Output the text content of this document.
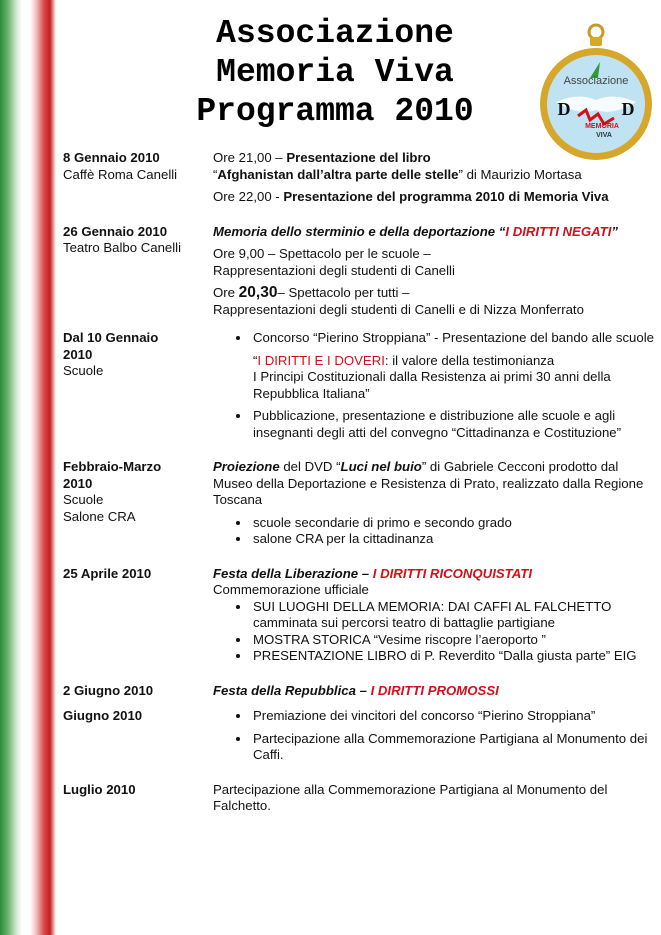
Associazione
Memoria Viva
Programma 2010
Associazione
D	D
MEMORIA
VIVA
8 Gennaio 2010
Caffè Roma Canelli
Ore 21,00 – Presentazione del libro
“Afghanistan dall’altra parte delle stelle” di Maurizio Mortasa
Ore 22,00 - Presentazione del programma 2010 di Memoria Viva
26 Gennaio 2010
Teatro Balbo Canelli
Memoria dello sterminio e della deportazione “I DIRITTI NEGATI”
Ore 9,00 – Spettacolo per le scuole –
Rappresentazioni degli studenti di Canelli
Ore 20,30– Spettacolo per tutti –
Rappresentazioni degli studenti di Canelli e di Nizza Monferrato
Dal 10 Gennaio 2010
Scuole
• Concorso “Pierino Stroppiana” - Presentazione del bando alle scuole
“I DIRITTI E I DOVERI: il valore della testimonianza
I Principi Costituzionali dalla Resistenza ai primi 30 anni della Repubblica Italiana”
• Pubblicazione, presentazione e distribuzione alle scuole e agli insegnanti degli atti del convegno “Cittadinanza e Costituzione”
Febbraio-Marzo 2010
Scuole
Salone CRA
Proiezione del DVD “Luci nel buio” di Gabriele Cecconi prodotto dal Museo della Deportazione e Resistenza di Prato, realizzato dalla Regione Toscana
• scuole secondarie di primo e secondo grado
• salone CRA per la cittadinanza
25 Aprile 2010	Festa della Liberazione – I DIRITTI RICONQUISTATI
Commemorazione ufficiale
• SUI LUOGHI DELLA MEMORIA: DAI CAFFI AL FALCHETTO camminata sui percorsi teatro di battaglie partigiane
• MOSTRA STORICA “Vesime riscopre l’aeroporto ”
• PRESENTAZIONE LIBRO di P. Reverdito “Dalla giusta parte” EIG
2 Giugno 2010	Festa della Repubblica – I DIRITTI PROMOSSI
Giugno 2010
•	Premiazione dei vincitori del concorso “Pierino Stroppiana”
• Partecipazione alla Commemorazione Partigiana al Monumento dei Caffi.
Luglio 2010	Partecipazione alla Commemorazione Partigiana al Monumento del Falchetto.
